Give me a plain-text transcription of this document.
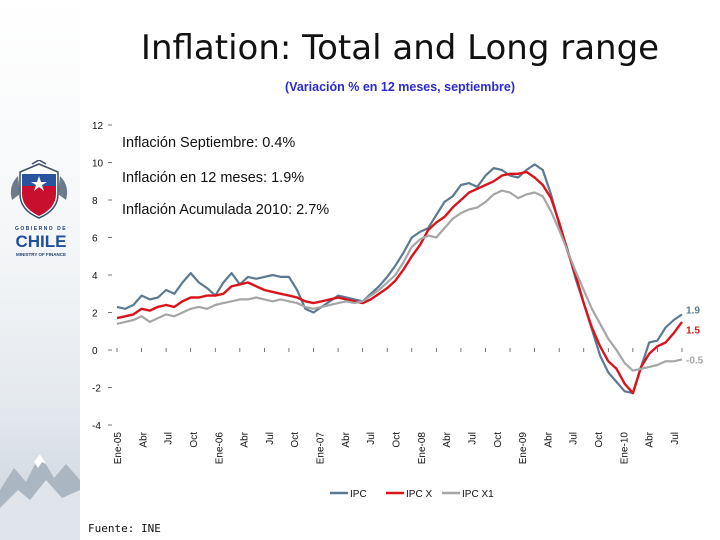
GOBIERNO DE
CHILE
MINISTRY OF FINANCE
Inflation: Total and Long range
(Variación % en 12 meses, septiembre)
Inflación Septiembre: 0.4%
Inflación en 12 meses: 1.9%
Inflación Acumulada 2010: 2.7%
Fuente: INE
12
10
8
6
4
2
0
-2
-4
Ene-05 Abr Jul Oct Ene-06 Abr Jul Oct Ene-07 Abr Jul Oct Ene-08 Abr Jul Oct Ene-09 Abr Jul Oct Ene-10 Abr Jul
1.9
1.5
-0.5
IPC	IPC X	IPC X1
